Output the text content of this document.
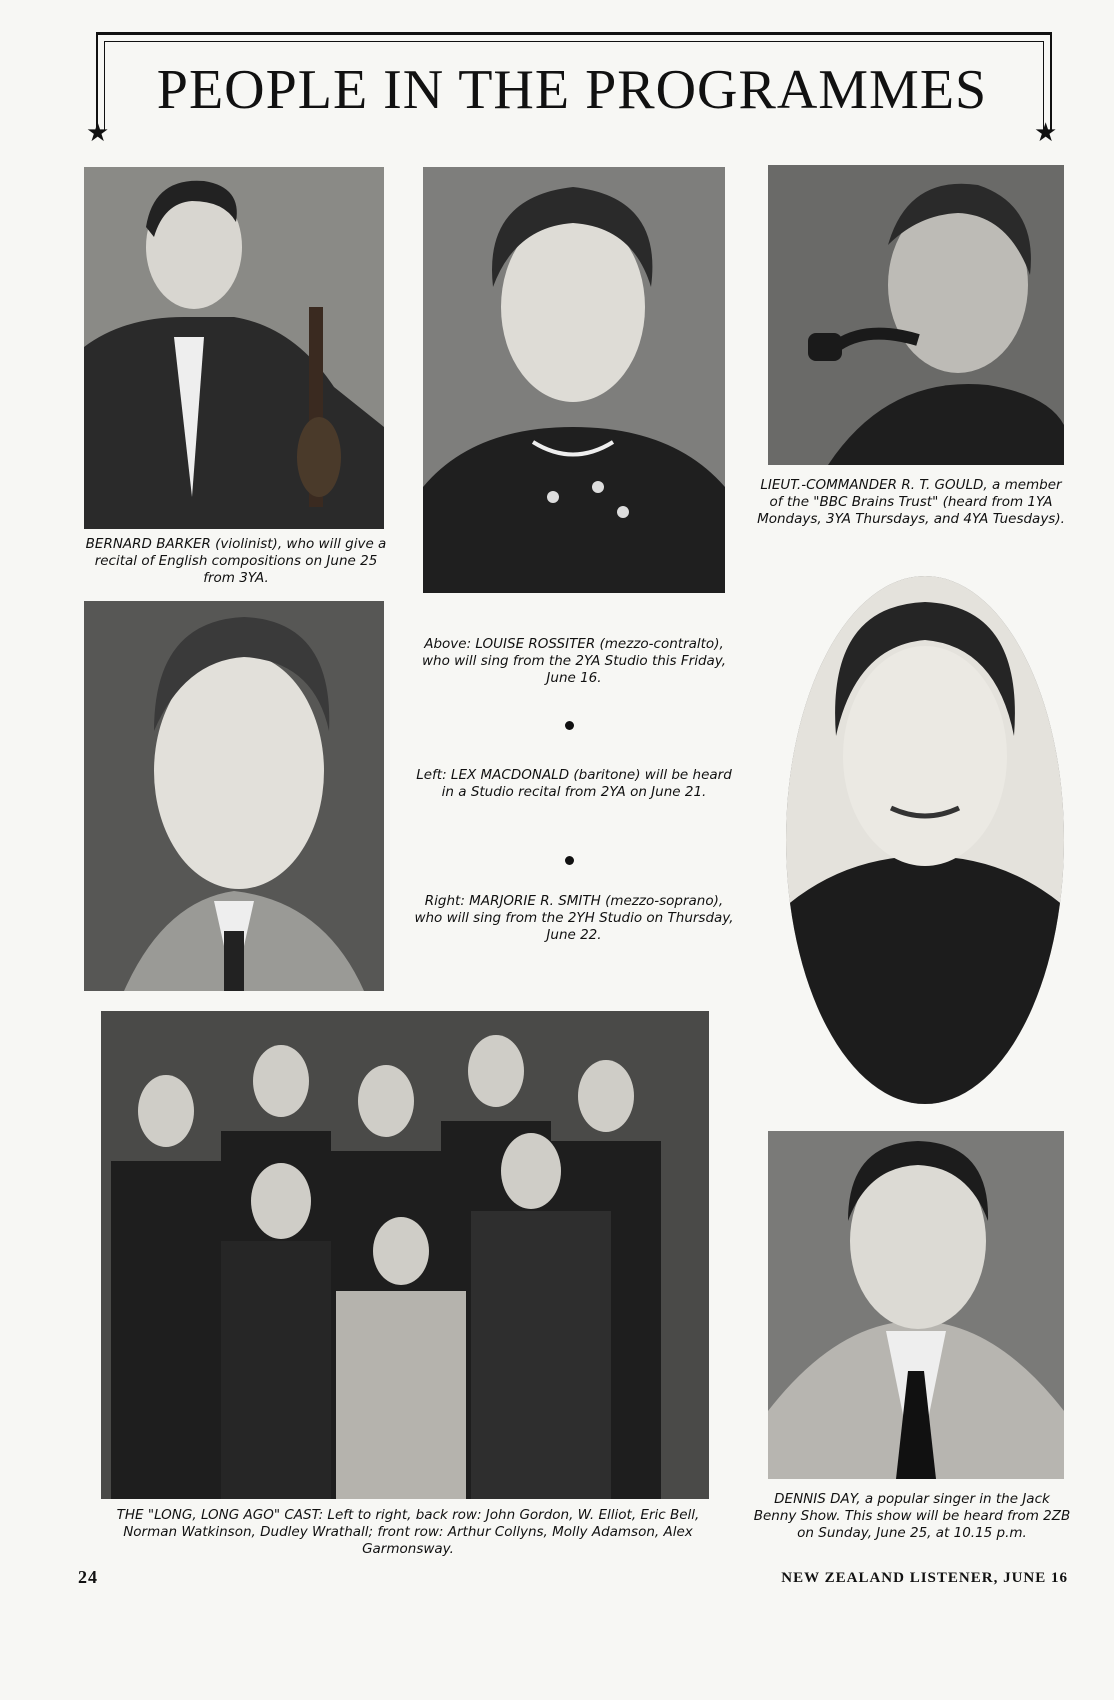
PEOPLE IN THE PROGRAMMES
★	★
BERNARD BARKER (violinist), who will give a recital of English compositions on June 25 from 3YA.
LIEUT.-COMMANDER R. T. GOULD, a member of the "BBC Brains Trust" (heard from 1YA Mondays, 3YA Thursdays, and 4YA Tuesdays).
Above: LOUISE ROSSITER (mezzo-contralto), who will sing from the 2YA Studio this Friday, June 16.
Left: LEX MACDONALD (baritone) will be heard in a Studio recital from 2YA on June 21.
Right: MARJORIE R. SMITH (mezzo-soprano), who will sing from the 2YH Studio on Thursday, June 22.
THE "LONG, LONG AGO" CAST: Left to right, back row: John Gordon, W. Elliot, Eric Bell, Norman Watkinson, Dudley Wrathall; front row: Arthur Collyns, Molly Adamson, Alex Garmonsway.
DENNIS DAY, a popular singer in the Jack Benny Show. This show will be heard from 2ZB on Sunday, June 25, at 10.15 p.m.
24	NEW ZEALAND LISTENER, JUNE 16
